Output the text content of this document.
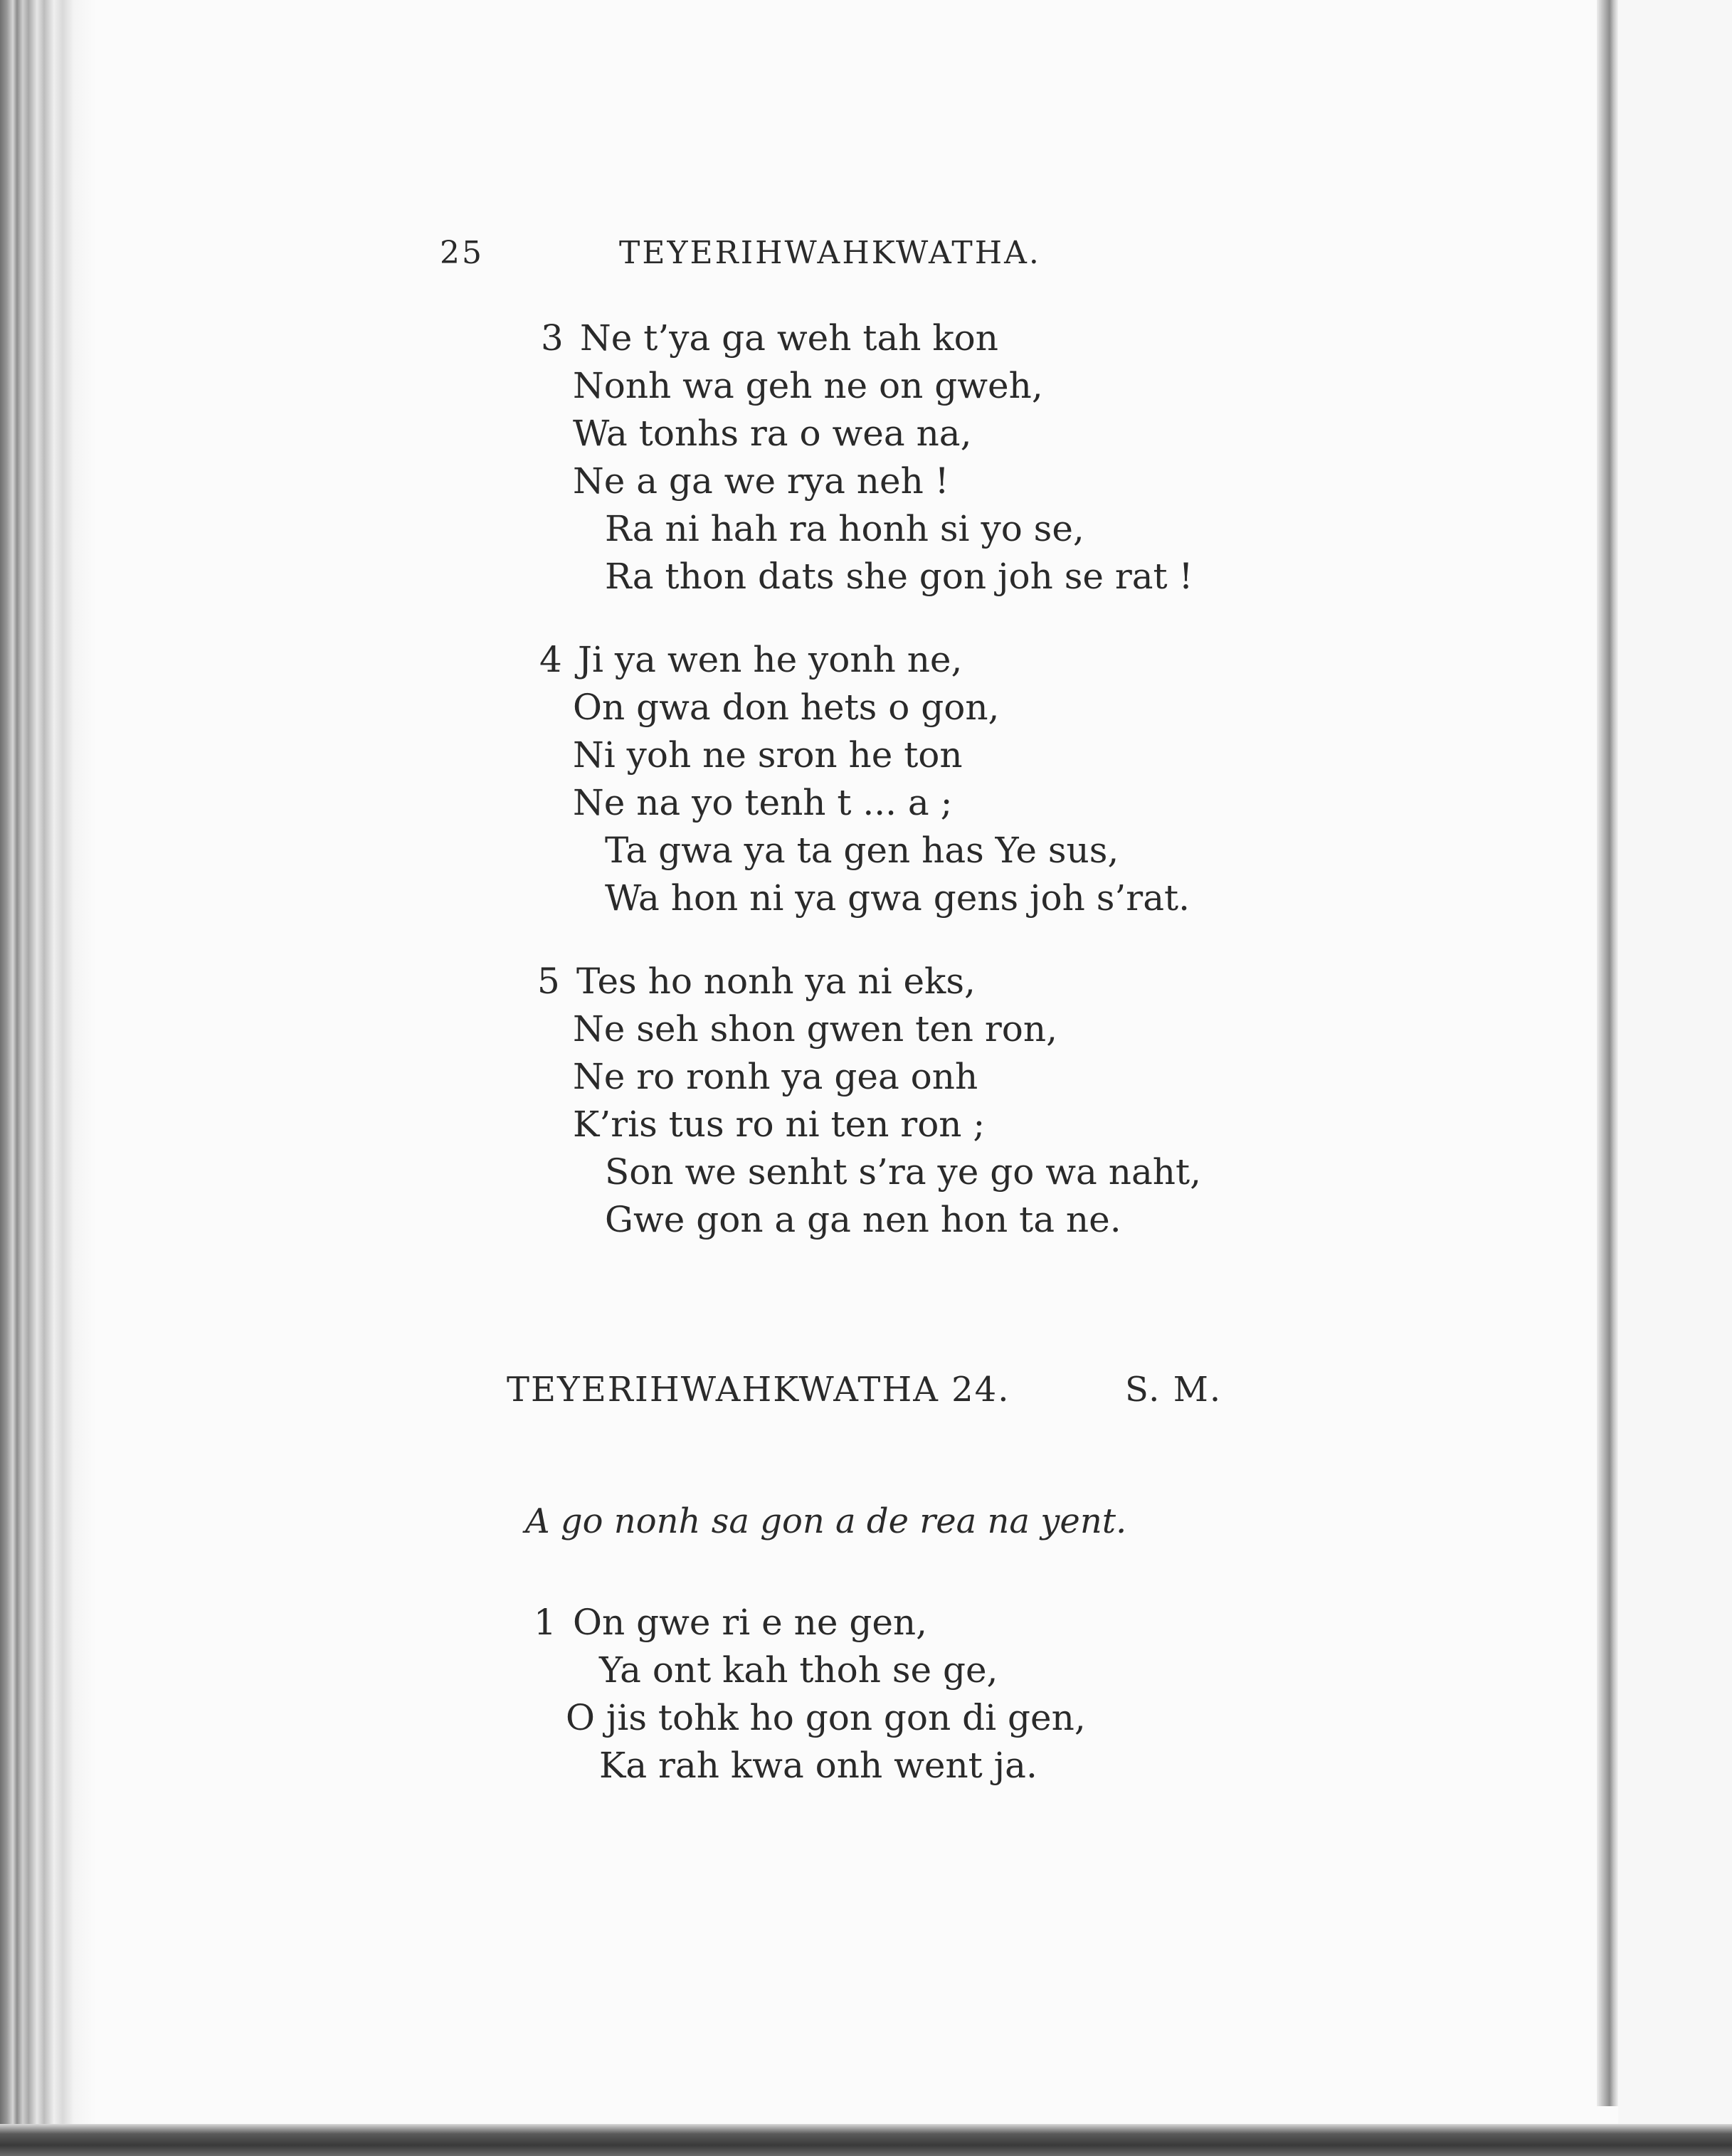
25	TEYERIHWAHKWATHA.
3 Ne t’ya ga weh tah kon
Nonh wa geh ne on gweh,
Wa tonhs ra o wea na,
Ne a ga we rya neh !
Ra ni hah ra honh si yo se,
Ra thon dats she gon joh se rat !
4 Ji ya wen he yonh ne,
On gwa don hets o gon,
Ni yoh ne sron he ton
Ne na yo tenh t ... a ;
Ta gwa ya ta gen has Ye sus,
Wa hon ni ya gwa gens joh s’rat.
5 Tes ho nonh ya ni eks,
Ne seh shon gwen ten ron,
Ne ro ronh ya gea onh
K’ris tus ro ni ten ron ;
Son we senht s’ra ye go wa naht,
Gwe gon a ga nen hon ta ne.
TEYERIHWAHKWATHA 24.	S. M.
A go nonh sa gon a de rea na yent.
1 On gwe ri e ne gen,
Ya ont kah thoh se ge,
O jis tohk ho gon gon di gen,
Ka rah kwa onh went ja.
